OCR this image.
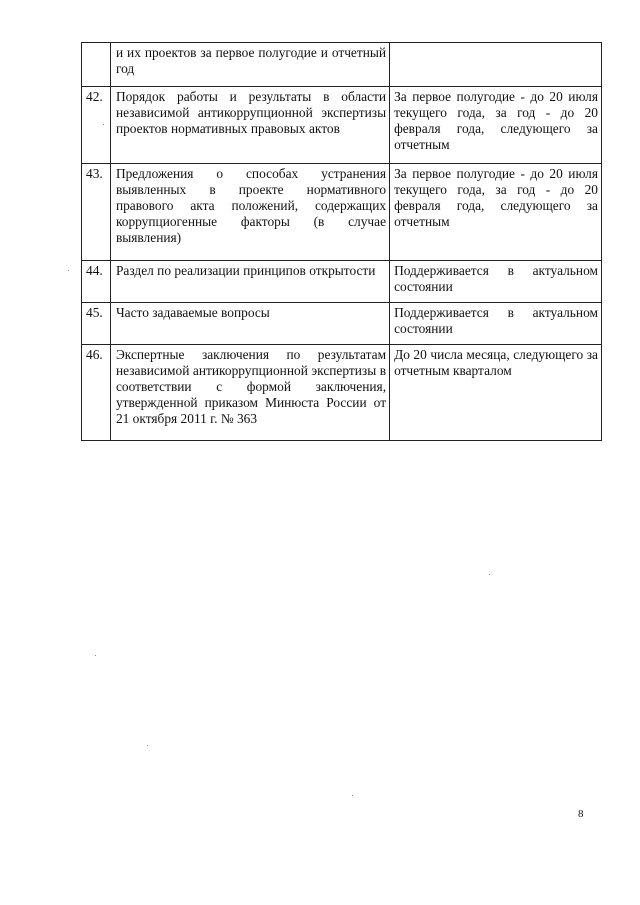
	и их проектов за первое полугодие и отчетный год	
42.	Порядок работы и результаты в области независимой антикоррупционной экспертизы проектов нормативных правовых актов	За первое полугодие - до 20 июля текущего года, за год - до 20 февраля года, следующего за отчетным
43.	Предложения о способах устранения выявленных в проекте нормативного правового акта положений, содержащих коррупциогенные факторы (в случае выявления)	За первое полугодие - до 20 июля текущего года, за год - до 20 февраля года, следующего за отчетным
44.	Раздел по реализации принципов открытости	Поддерживается в актуальном состоянии
45.	Часто задаваемые вопросы	Поддерживается в актуальном состоянии
46.	Экспертные заключения по результатам независимой антикоррупционной экспертизы в соответствии с формой заключения, утвержденной приказом Минюста России от 21 октября 2011 г. № 363	До 20 числа месяца, следующего за отчетным кварталом
8
